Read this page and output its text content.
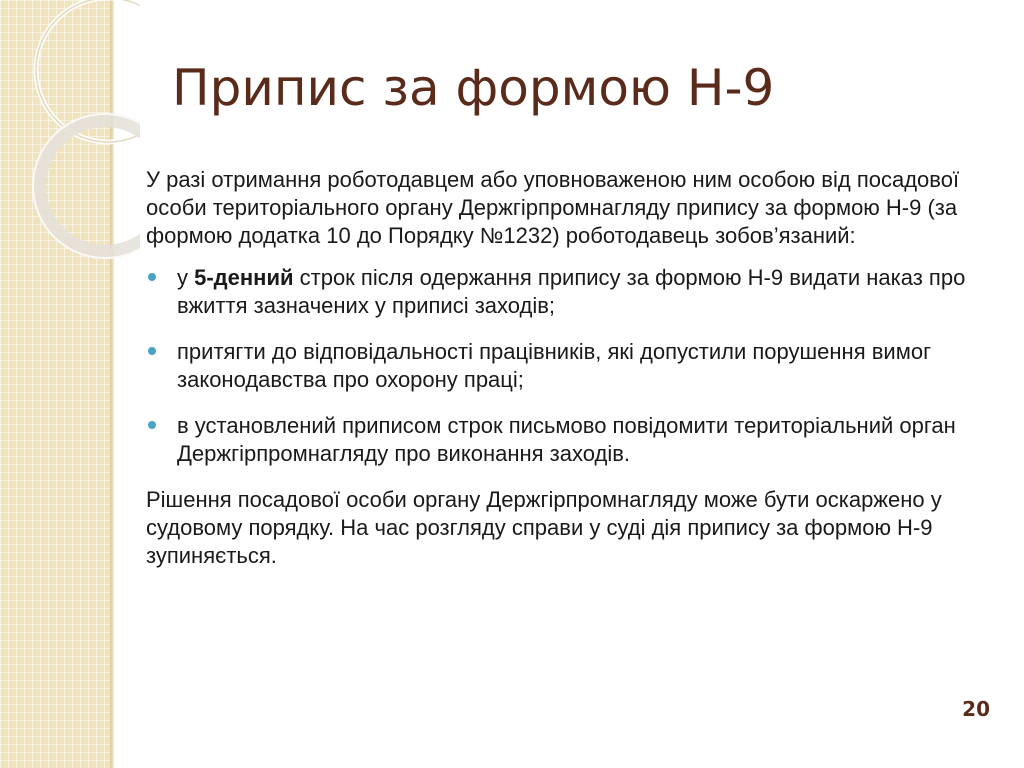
Припис за формою Н-9

У разі отримання роботодавцем або уповноваженою ним особою від посадової особи територіального органу Держгірпромнагляду припису за формою Н-9 (за формою додатка 10 до Порядку №1232) роботодавець зобов’язаний:

у 5-денний строк після одержання припису за формою Н-9 видати наказ про вжиття зазначених у приписі заходів;
притягти до відповідальності працівників, які допустили порушення вимог законодавства про охорону праці;
в установлений приписом строк письмово повідомити територіальний орган Держгірпромнагляду про виконання заходів.

Рішення посадової особи органу Держгірпромнагляду може бути оскаржено у судовому порядку. На час розгляду справи у суді дія припису за формою Н-9 зупиняється.

20
